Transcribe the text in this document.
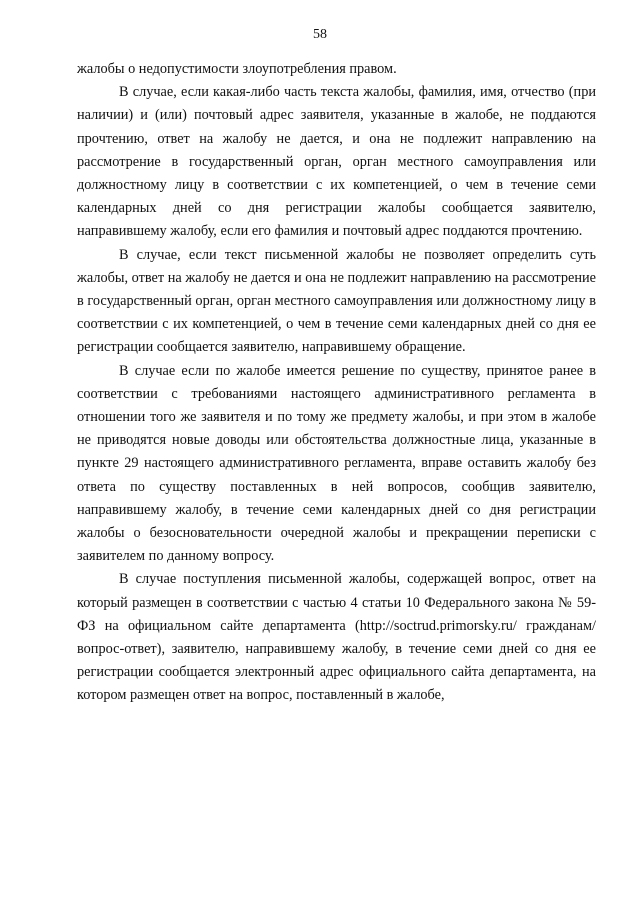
58

жалобы о недопустимости злоупотребления правом.

В случае, если какая-либо часть текста жалобы, фамилия, имя, отчество (при наличии) и (или) почтовый адрес заявителя, указанные в жалобе, не поддаются прочтению, ответ на жалобу не дается, и она не подлежит направлению на рассмотрение в государственный орган, орган местного самоуправления или должностному лицу в соответствии с их компетенцией, о чем в течение семи календарных дней со дня регистрации жалобы сообщается заявителю, направившему жалобу, если его фамилия и почтовый адрес поддаются прочтению.

В случае, если текст письменной жалобы не позволяет определить суть жалобы, ответ на жалобу не дается и она не подлежит направлению на рассмотрение в государственный орган, орган местного самоуправления или должностному лицу в соответствии с их компетенцией, о чем в течение семи календарных дней со дня ее регистрации сообщается заявителю, направившему обращение.

В случае если по жалобе имеется решение по существу, принятое ранее в соответствии с требованиями настоящего административного регламента в отношении того же заявителя и по тому же предмету жалобы, и при этом в жалобе не приводятся новые доводы или обстоятельства должностные лица, указанные в пункте 29 настоящего административного регламента, вправе оставить жалобу без ответа по существу поставленных в ней вопросов, сообщив заявителю, направившему жалобу, в течение семи календарных дней со дня регистрации жалобы о безосновательности очередной жалобы и прекращении переписки с заявителем по данному вопросу.

В случае поступления письменной жалобы, содержащей вопрос, ответ на который размещен в соответствии с частью 4 статьи 10 Федерального закона № 59-ФЗ на официальном сайте департамента (http://soctrud.primorsky.ru/ гражданам/вопрос-ответ), заявителю, направившему жалобу, в течение семи дней со дня ее регистрации сообщается электронный адрес официального сайта департамента, на котором размещен ответ на вопрос, поставленный в жалобе,
